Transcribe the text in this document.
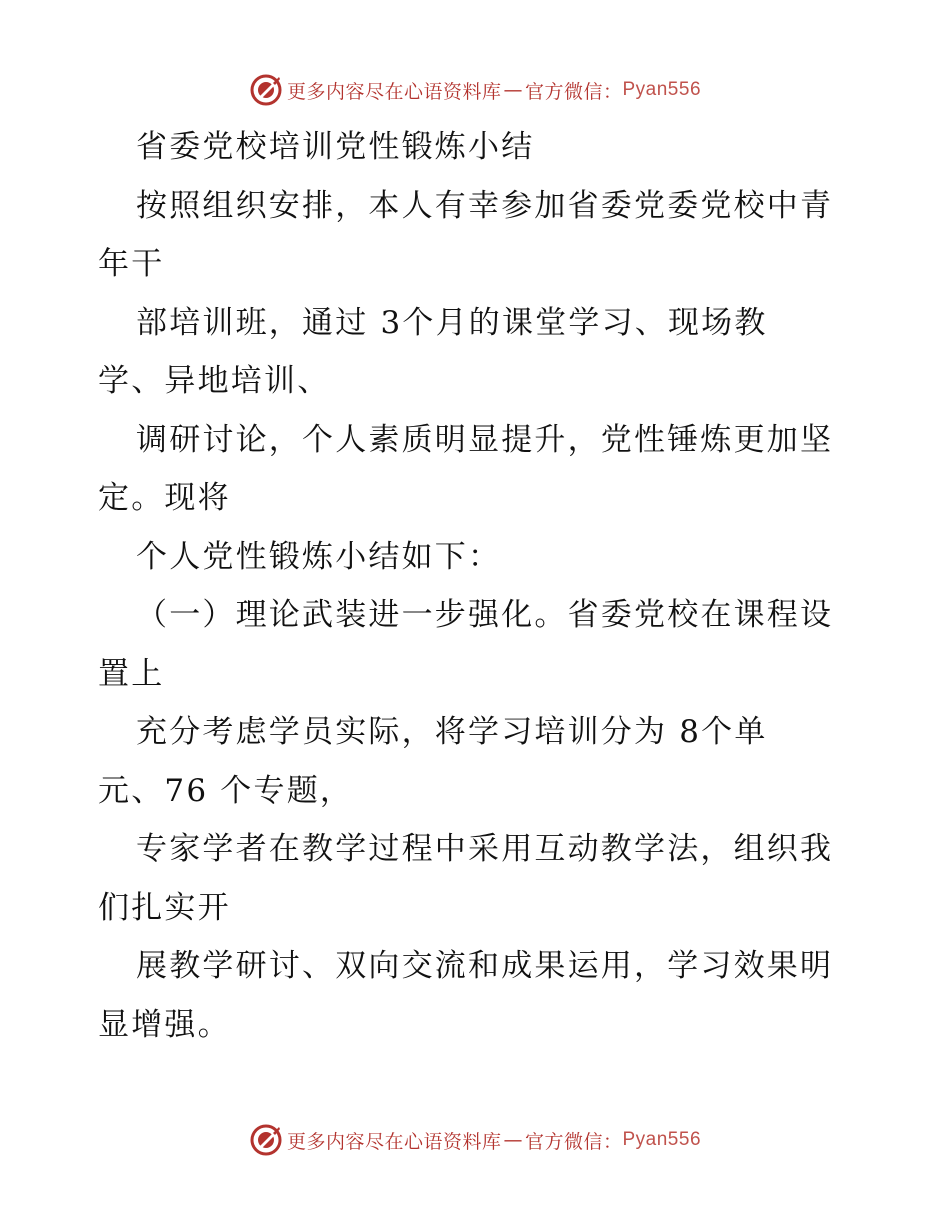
更多内容尽在心语资料库 — 官方微信： Pyan556
省委党校培训党性锻炼小结
按照组织安排，本人有幸参加省委党委党校中青
年干
部培训班，通过 3个月的课堂学习、现场教
学、异地培训、
调研讨论，个人素质明显提升，党性锤炼更加坚
定。现将
个人党性锻炼小结如下：
（一）理论武装进一步强化。省委党校在课程设
置上
充分考虑学员实际，将学习培训分为 8个单
元、76 个专题，
专家学者在教学过程中采用互动教学法，组织我
们扎实开
展教学研讨、双向交流和成果运用，学习效果明
显增强。
更多内容尽在心语资料库 — 官方微信： Pyan556
